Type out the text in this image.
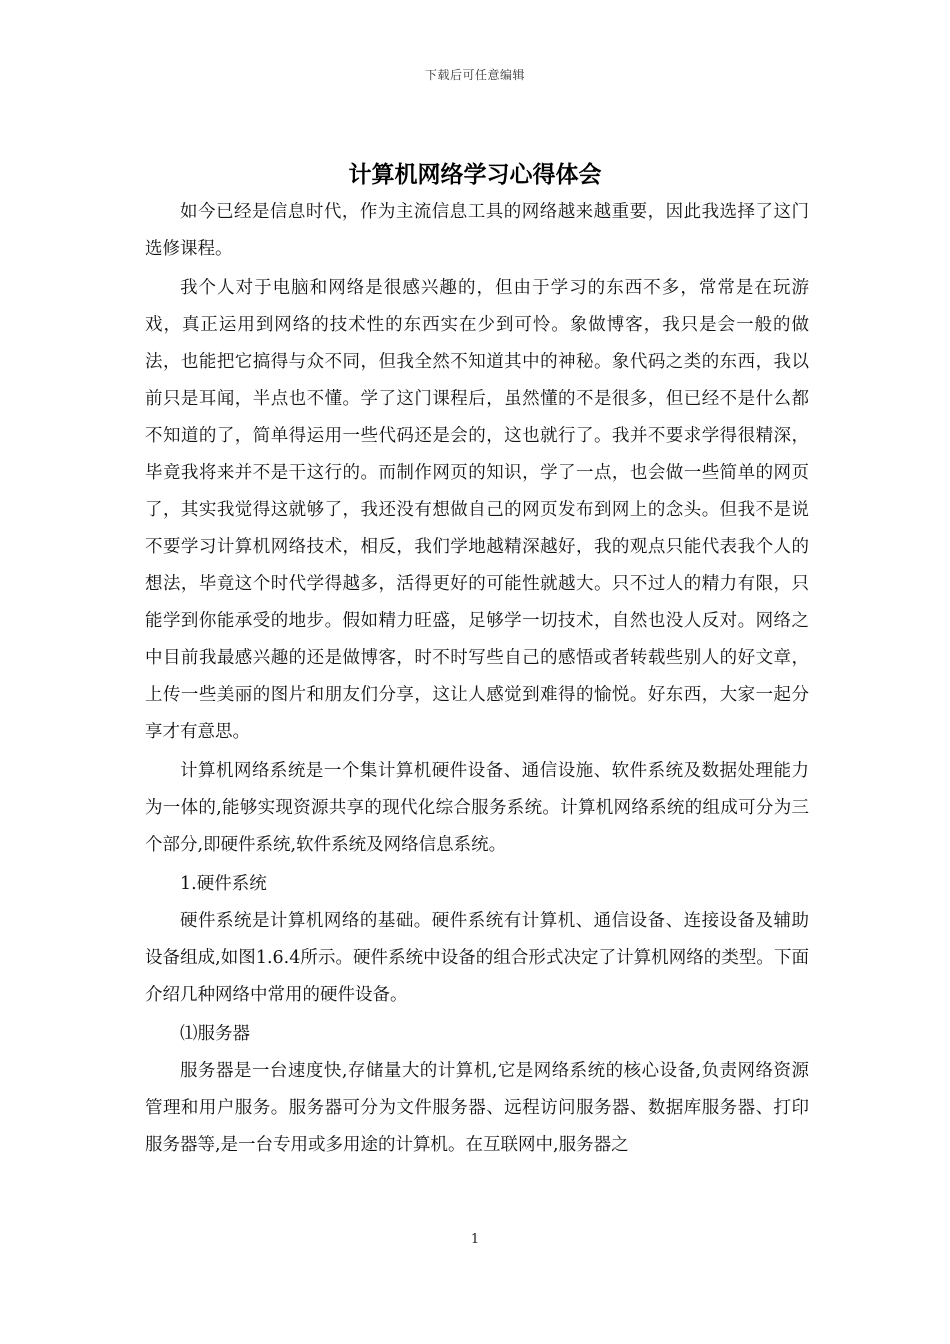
下载后可任意编辑
计算机网络学习心得体会

如今已经是信息时代，作为主流信息工具的网络越来越重要，因此我选择了这门选修课程。

我个人对于电脑和网络是很感兴趣的，但由于学习的东西不多，常常是在玩游戏，真正运用到网络的技术性的东西实在少到可怜。象做博客，我只是会一般的做法，也能把它搞得与众不同，但我全然不知道其中的神秘。象代码之类的东西，我以前只是耳闻，半点也不懂。学了这门课程后，虽然懂的不是很多，但已经不是什么都不知道的了，简单得运用一些代码还是会的，这也就行了。我并不要求学得很精深，毕竟我将来并不是干这行的。而制作网页的知识，学了一点，也会做一些简单的网页了，其实我觉得这就够了，我还没有想做自己的网页发布到网上的念头。但我不是说不要学习计算机网络技术，相反，我们学地越精深越好，我的观点只能代表我个人的想法，毕竟这个时代学得越多，活得更好的可能性就越大。只不过人的精力有限，只能学到你能承受的地步。假如精力旺盛，足够学一切技术，自然也没人反对。网络之中目前我最感兴趣的还是做博客，时不时写些自己的感悟或者转载些别人的好文章，上传一些美丽的图片和朋友们分享，这让人感觉到难得的愉悦。好东西，大家一起分享才有意思。

计算机网络系统是一个集计算机硬件设备、通信设施、软件系统及数据处理能力为一体的,能够实现资源共享的现代化综合服务系统。计算机网络系统的组成可分为三个部分,即硬件系统,软件系统及网络信息系统。

1.硬件系统

硬件系统是计算机网络的基础。硬件系统有计算机、通信设备、连接设备及辅助设备组成,如图1.6.4所示。硬件系统中设备的组合形式决定了计算机网络的类型。下面介绍几种网络中常用的硬件设备。

⑴服务器

服务器是一台速度快,存储量大的计算机,它是网络系统的核心设备,负责网络资源管理和用户服务。服务器可分为文件服务器、远程访问服务器、数据库服务器、打印服务器等,是一台专用或多用途的计算机。在互联网中,服务器之

1
